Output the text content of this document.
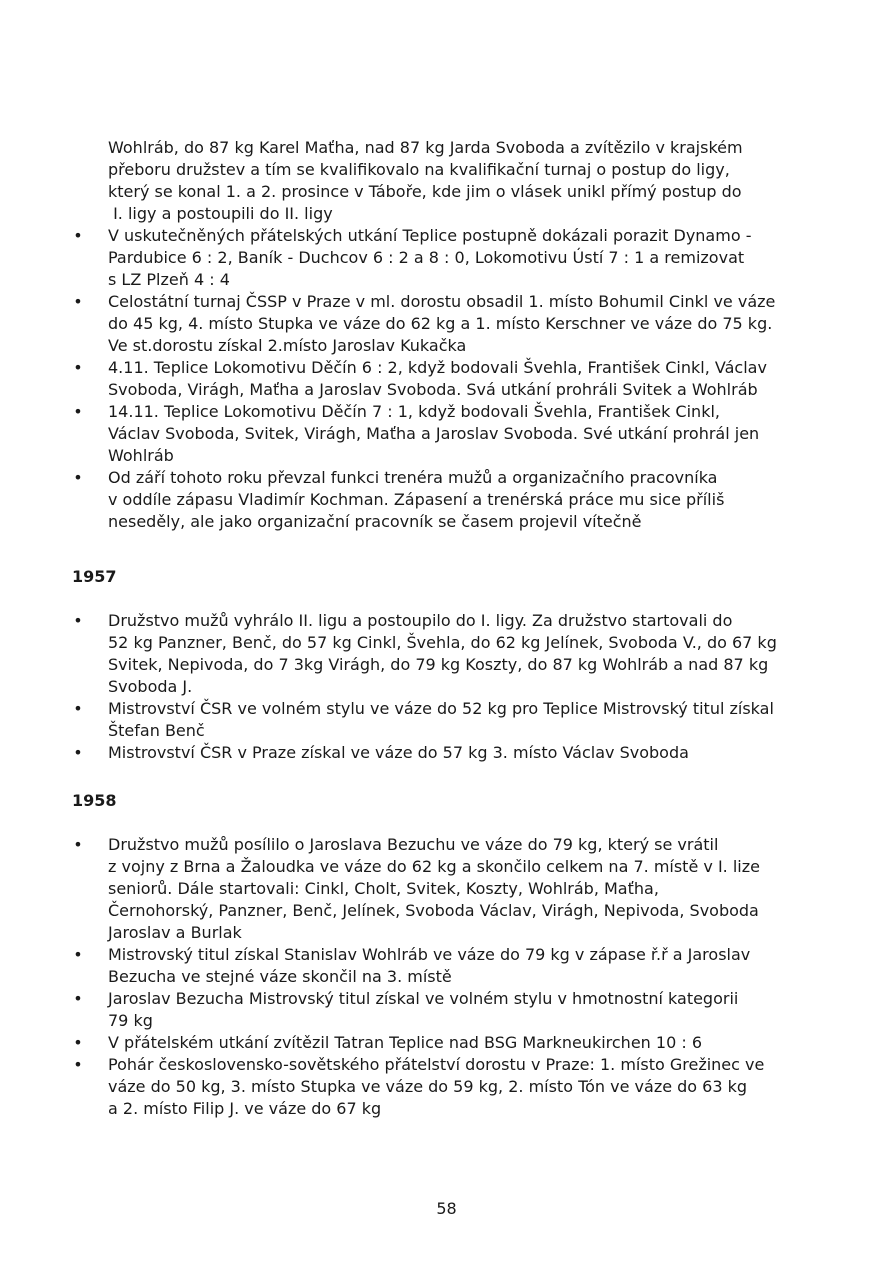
Wohlráb, do 87 kg Karel Maťha, nad 87 kg Jarda Svoboda a zvítězilo v krajském
přeboru družstev a tím se kvalifikovalo na kvalifikační turnaj o postup do ligy,
který se konal 1. a 2. prosince v Táboře, kde jim o vlásek unikl přímý postup do
I. ligy a postoupili do II. ligy
• V uskutečněných přátelských utkání Teplice postupně dokázali porazit Dynamo -
Pardubice 6 : 2, Baník - Duchcov 6 : 2 a 8 : 0, Lokomotivu Ústí 7 : 1 a remizovat
s LZ Plzeň 4 : 4
• Celostátní turnaj ČSSP v Praze v ml. dorostu obsadil 1. místo Bohumil Cinkl ve váze
do 45 kg, 4. místo Stupka ve váze do 62 kg a 1. místo Kerschner ve váze do 75 kg.
Ve st.dorostu získal 2.místo Jaroslav Kukačka
• 4.11. Teplice Lokomotivu Děčín 6 : 2, když bodovali Švehla, František Cinkl, Václav
Svoboda, Virágh, Maťha a Jaroslav Svoboda. Svá utkání prohráli Svitek a Wohlráb
• 14.11. Teplice Lokomotivu Děčín 7 : 1, když bodovali Švehla, František Cinkl,
Václav Svoboda, Svitek, Virágh, Maťha a Jaroslav Svoboda. Své utkání prohrál jen
Wohlráb
• Od září tohoto roku převzal funkci trenéra mužů a organizačního pracovníka
v oddíle zápasu Vladimír Kochman. Zápasení a trenérská práce mu sice příliš
neseděly, ale jako organizační pracovník se časem projevil vítečně
1957
• Družstvo mužů vyhrálo II. ligu a postoupilo do I. ligy. Za družstvo startovali do
52 kg Panzner, Benč, do 57 kg Cinkl, Švehla, do 62 kg Jelínek, Svoboda V., do 67 kg
Svitek, Nepivoda, do 7 3kg Virágh, do 79 kg Koszty, do 87 kg Wohlráb a nad 87 kg
Svoboda J.
• Mistrovství ČSR ve volném stylu ve váze do 52 kg pro Teplice Mistrovský titul získal
Štefan Benč
• Mistrovství ČSR v Praze získal ve váze do 57 kg 3. místo Václav Svoboda
1958
• Družstvo mužů posílilo o Jaroslava Bezuchu ve váze do 79 kg, který se vrátil
z vojny z Brna a Žaloudka ve váze do 62 kg a skončilo celkem na 7. místě v I. lize
seniorů. Dále startovali: Cinkl, Cholt, Svitek, Koszty, Wohlráb, Maťha,
Černohorský, Panzner, Benč, Jelínek, Svoboda Václav, Virágh, Nepivoda, Svoboda
Jaroslav a Burlak
• Mistrovský titul získal Stanislav Wohlráb ve váze do 79 kg v zápase ř.ř a Jaroslav
Bezucha ve stejné váze skončil na 3. místě
• Jaroslav Bezucha Mistrovský titul získal ve volném stylu v hmotnostní kategorii
79 kg
• V přátelském utkání zvítězil Tatran Teplice nad BSG Markneukirchen 10 : 6
• Pohár československo-sovětského přátelství dorostu v Praze: 1. místo Grežinec ve
váze do 50 kg, 3. místo Stupka ve váze do 59 kg, 2. místo Tón ve váze do 63 kg
a 2. místo Filip J. ve váze do 67 kg
58
